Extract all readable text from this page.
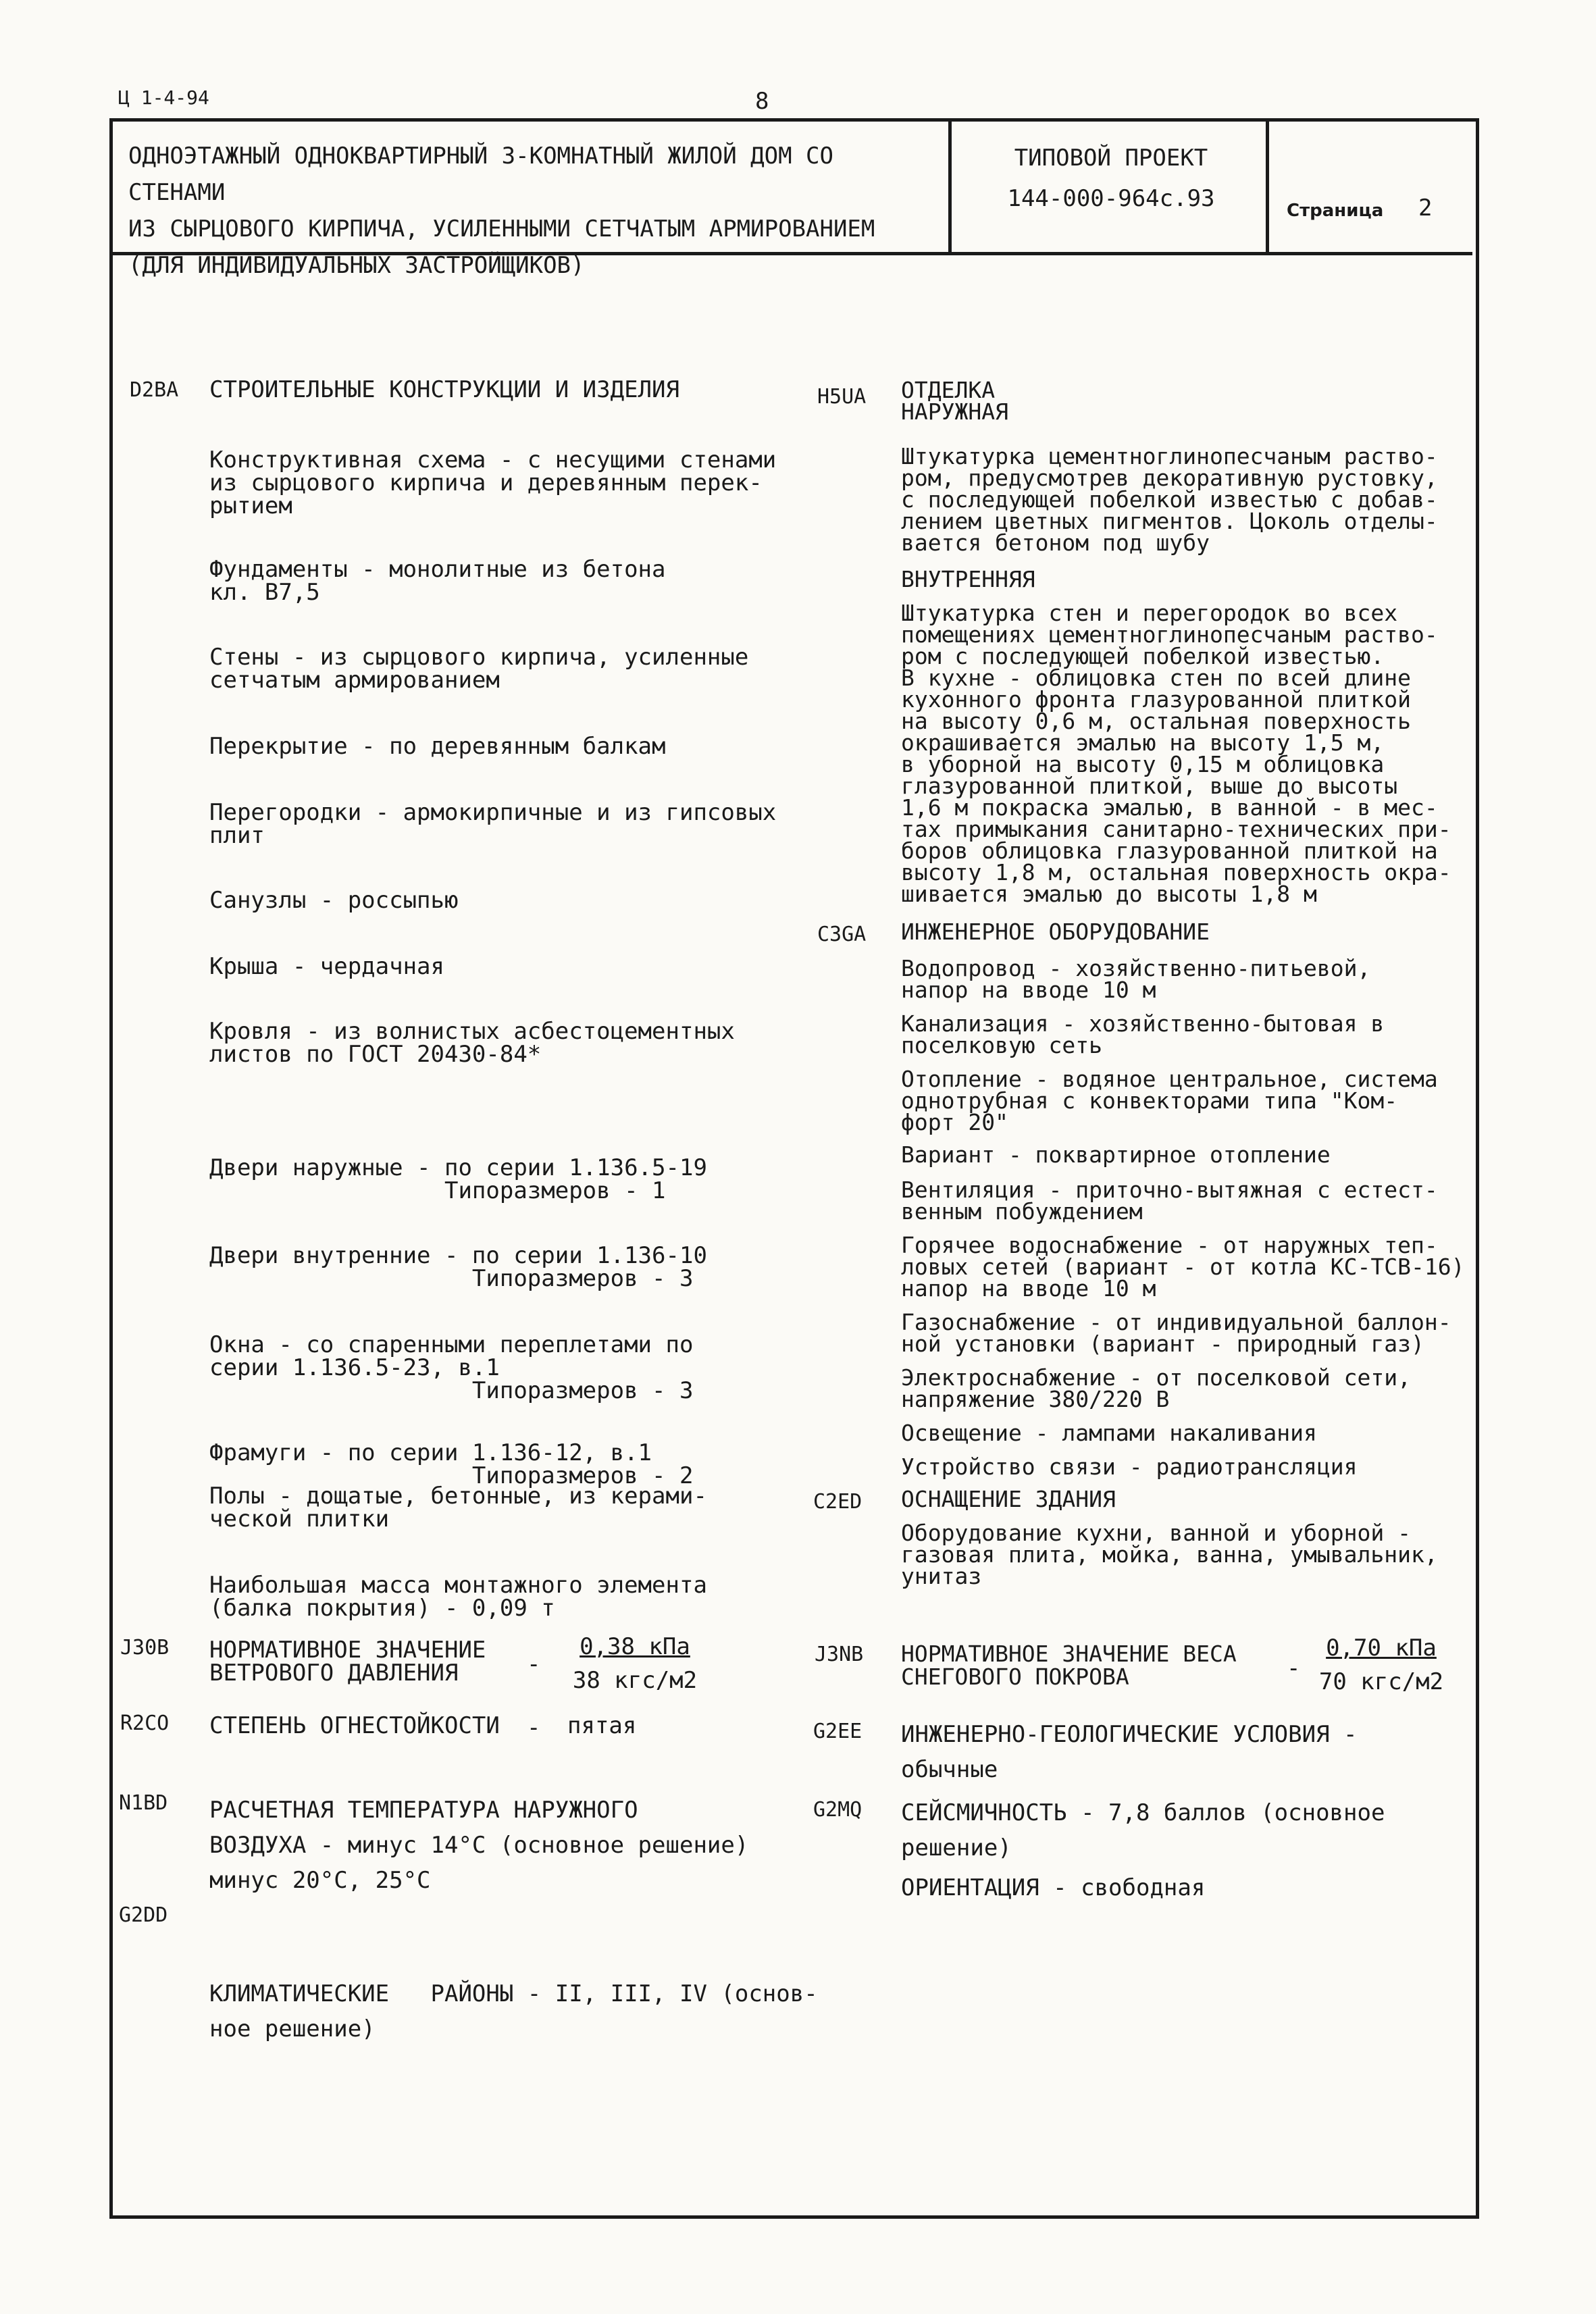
Ц 1-4-94	8
ОДНОЭТАЖНЫЙ ОДНОКВАРТИРНЫЙ 3-КОМНАТНЫЙ ЖИЛОЙ ДОМ СО СТЕНАМИ
ИЗ СЫРЦОВОГО КИРПИЧА, УСИЛЕННЫМИ СЕТЧАТЫМ АРМИРОВАНИЕМ
(ДЛЯ ИНДИВИДУАЛЬНЫХ ЗАСТРОЙЩИКОВ)
ТИПОВОЙ ПРОЕКТ
144-000-964с.93	Страница 2
D2BA СТРОИТЕЛЬНЫЕ КОНСТРУКЦИИ И ИЗДЕЛИЯ
Конструктивная схема - с несущими стенами
из сырцового кирпича и деревянным перек-
рытием
Фундаменты - монолитные из бетона
кл. В7,5
Стены - из сырцового кирпича, усиленные
сетчатым армированием
Перекрытие - по деревянным балкам
Перегородки - армокирпичные и из гипсовых
плит
Санузлы - россыпью
Крыша - чердачная
Кровля - из волнистых асбестоцементных
листов по ГОСТ 20430-84*

Двери наружные - по серии 1.136.5-19
Типоразмеров - 1

Двери внутренние - по серии 1.136-10
Типоразмеров - 3

Окна - со спаренными переплетами по
серии 1.136.5-23, в.1
Типоразмеров - 3

Фрамуги - по серии 1.136-12, в.1
Типоразмеров - 2

Полы - дощатые, бетонные, из керами-
ческой плитки
Наибольшая масса монтажного элемента
(балка покрытия) - 0,09 т
J30B НОРМАТИВНОЕ ЗНАЧЕНИЕ
ВЕТРОВОГО ДАВЛЕНИЯ	-
0,38 кПа
38 кгс/м2
R2CO СТЕПЕНЬ ОГНЕСТОЙКОСТИ - пятая
N1BD РАСЧЕТНАЯ ТЕМПЕРАТУРА НАРУЖНОГО
ВОЗДУХА - минус 14°С (основное решение)
минус 20°С, 25°С
G2DD

КЛИМАТИЧЕСКИЕ   РАЙОНЫ - II, III, IV (основ-
ное решение)

H5UA ОТДЕЛКА
НАРУЖНАЯ
Штукатурка цементноглинопесчаным раство-
ром, предусмотрев декоративную рустовку,
с последующей побелкой известью с добав-
лением цветных пигментов. Цоколь отделы-
вается бетоном под шубу
ВНУТРЕННЯЯ
Штукатурка стен и перегородок во всех
помещениях цементноглинопесчаным раство-
ром с последующей побелкой известью.
В кухне - облицовка стен по всей длине
кухонного фронта глазурованной плиткой
на высоту 0,6 м, остальная поверхность
окрашивается эмалью на высоту 1,5 м,
в уборной на высоту 0,15 м облицовка
глазурованной плиткой, выше до высоты
1,6 м покраска эмалью, в ванной - в мес-
тах примыкания санитарно-технических при-
боров облицовка глазурованной плиткой на
высоту 1,8 м, остальная поверхность окра-
шивается эмалью до высоты 1,8 м
C3GA ИНЖЕНЕРНОЕ ОБОРУДОВАНИЕ
Водопровод - хозяйственно-питьевой,
напор на вводе 10 м
Канализация - хозяйственно-бытовая в
поселковую сеть
Отопление - водяное центральное, система
однотрубная с конвекторами типа "Ком-
форт 20"
Вариант - поквартирное отопление
Вентиляция - приточно-вытяжная с естест-
венным побуждением
Горячее водоснабжение - от наружных теп-
ловых сетей (вариант - от котла КС-ТСВ-16)
напор на вводе 10 м
Газоснабжение - от индивидуальной баллон-
ной установки (вариант - природный газ)
Электроснабжение - от поселковой сети,
напряжение 380/220 В
Освещение - лампами накаливания
Устройство связи - радиотрансляция
C2ED ОСНАЩЕНИЕ ЗДАНИЯ
Оборудование кухни, ванной и уборной -
газовая плита, мойка, ванна, умывальник,
унитаз
J3NB НОРМАТИВНОЕ ЗНАЧЕНИЕ ВЕСА
СНЕГОВОГО ПОКРОВА	-
0,70 кПа
70 кгс/м2
G2EE ИНЖЕНЕРНО-ГЕОЛОГИЧЕСКИЕ УСЛОВИЯ -
обычные
G2MQ СЕЙСМИЧНОСТЬ - 7,8 баллов (основное
решение)
ОРИЕНТАЦИЯ - свободная
